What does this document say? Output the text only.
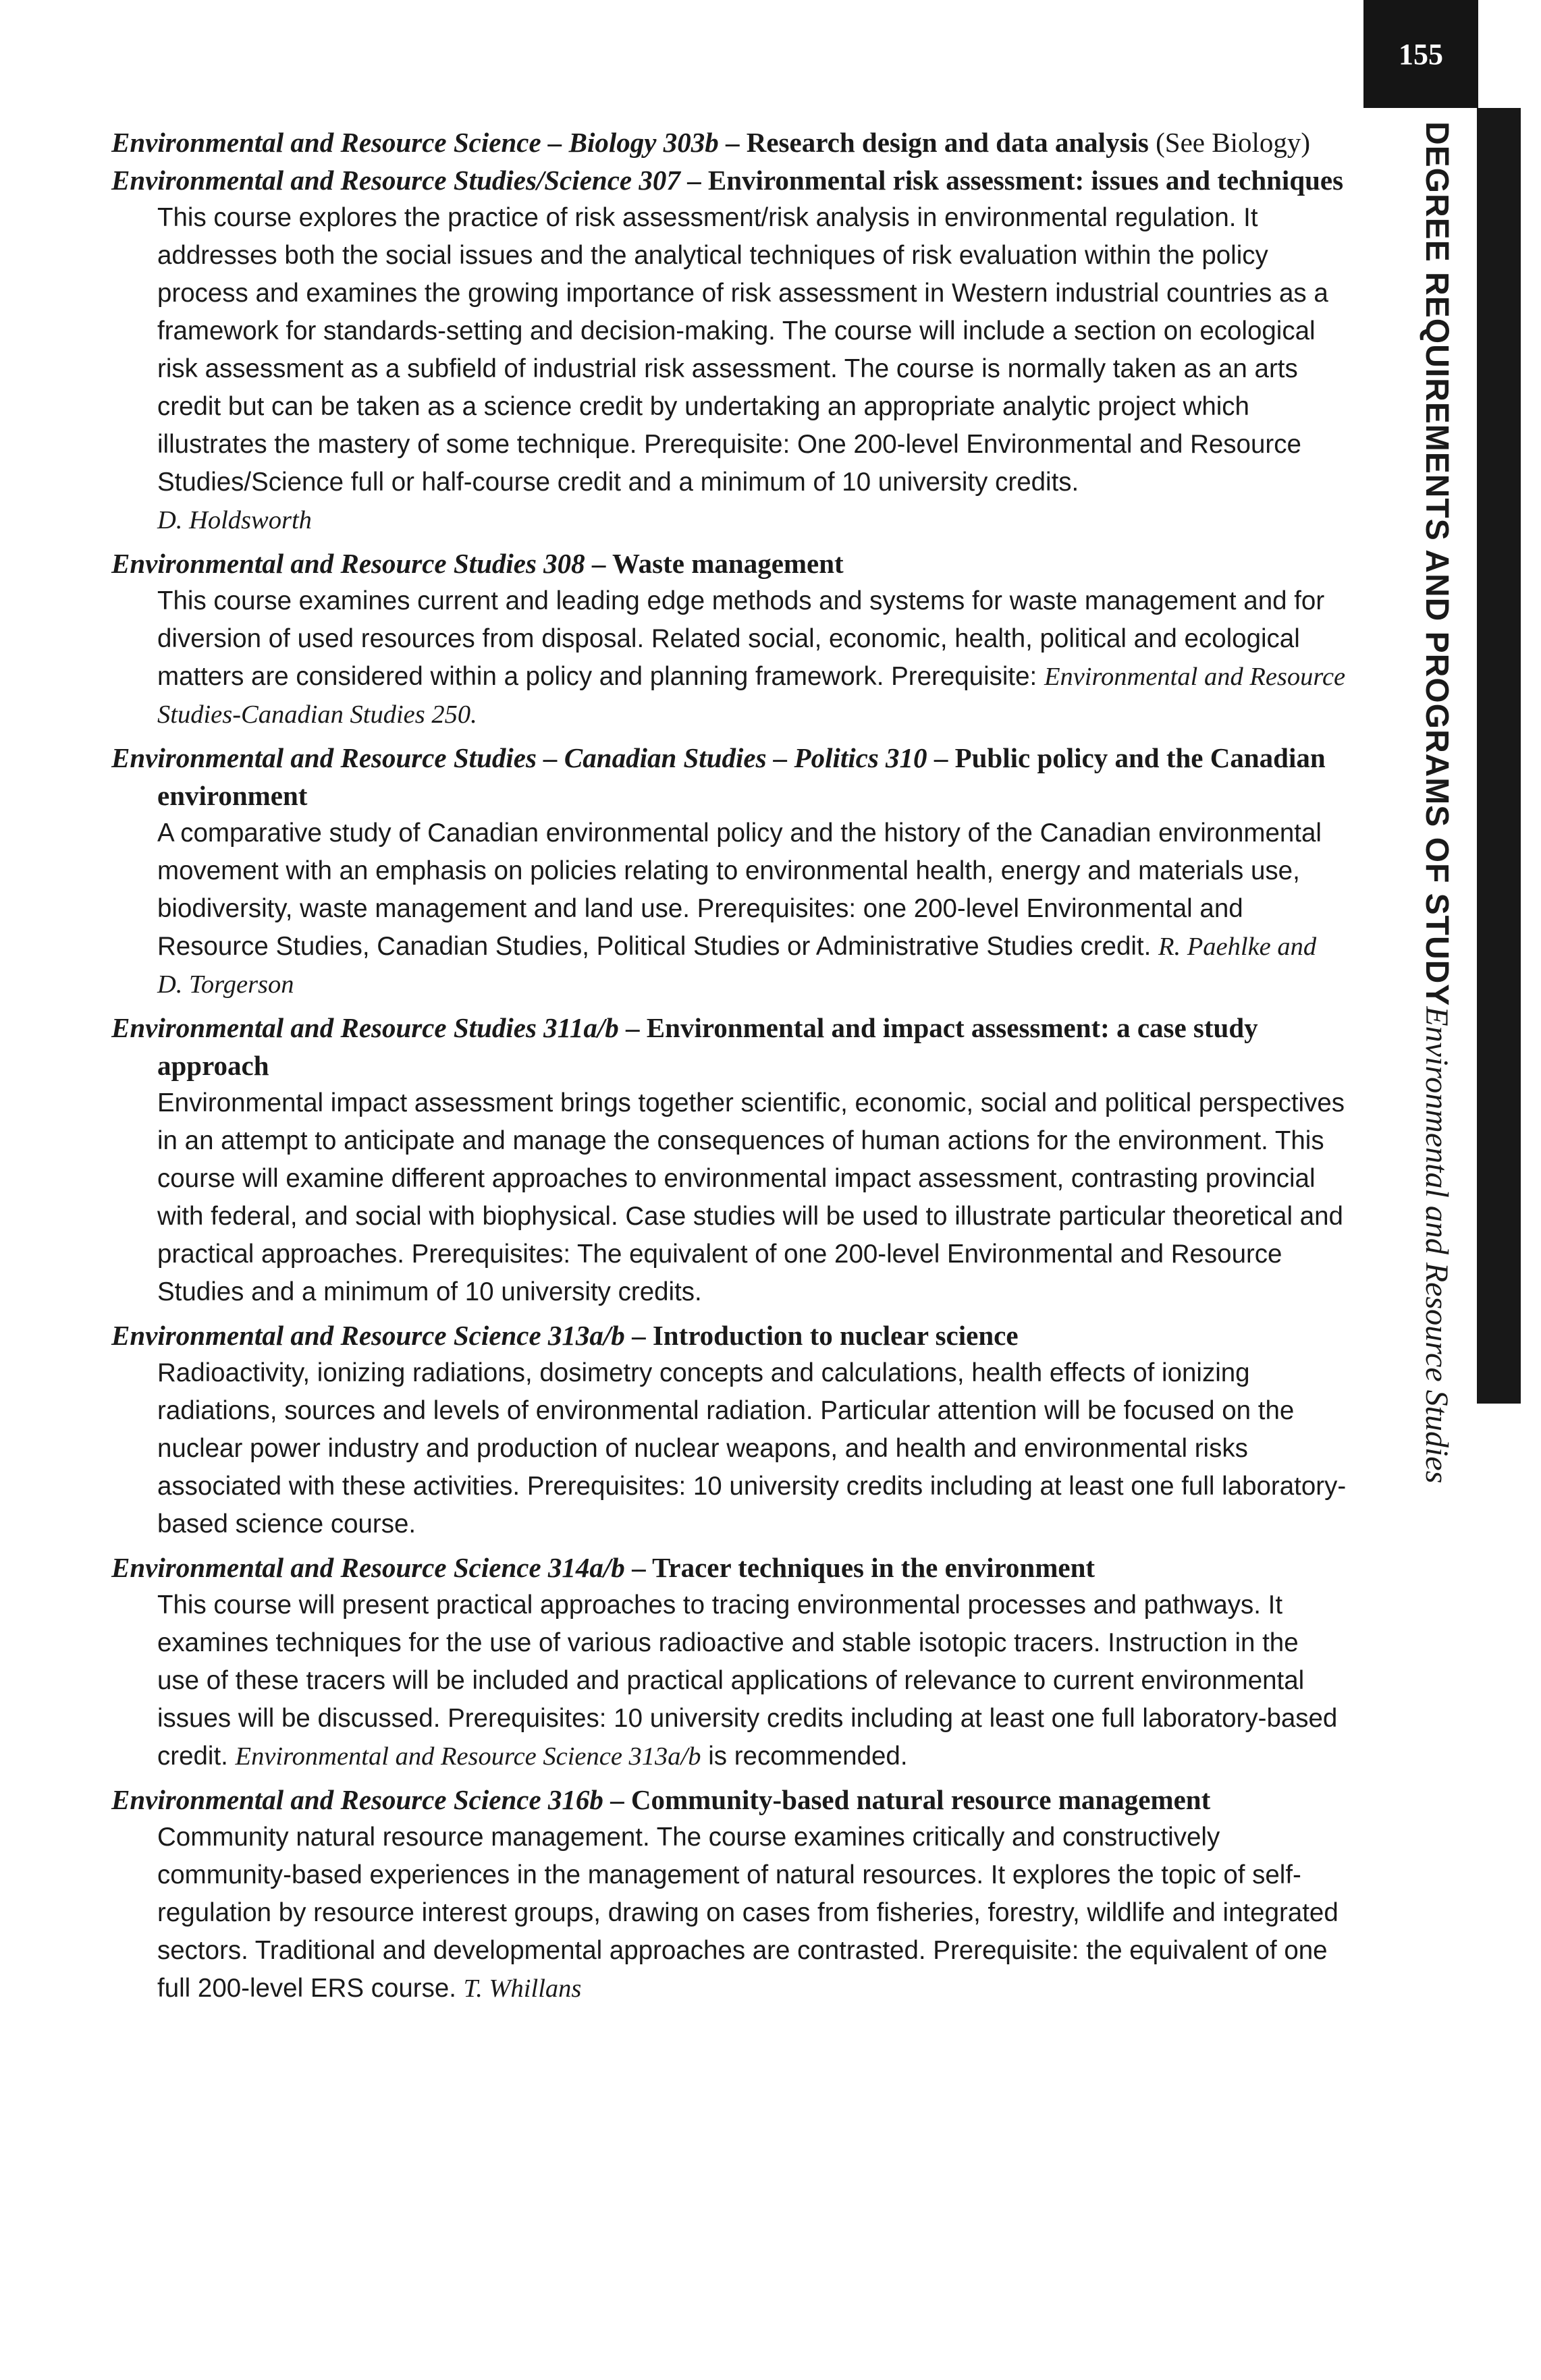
155
DEGREE REQUIREMENTS AND PROGRAMS OF STUDYEnvironmental and Resource Studies

Environmental and Resource Science – Biology 303b – Research design and data analysis (See Biology)

Environmental and Resource Studies/Science 307 – Environmental risk assessment: issues and techniques

This course explores the practice of risk assessment/risk analysis in environmental regulation. It addresses both the social issues and the analytical techniques of risk evaluation within the policy process and examines the growing importance of risk assessment in Western industrial countries as a framework for standards-setting and decision-making. The course will include a section on ecological risk assessment as a subfield of industrial risk assessment. The course is normally taken as an arts credit but can be taken as a science credit by undertaking an appropriate analytic project which illustrates the mastery of some technique. Prerequisite: One 200-level Environmental and Resource Studies/Science full or half-course credit and a minimum of 10 university credits.
D. Holdsworth

Environmental and Resource Studies 308 – Waste management

This course examines current and leading edge methods and systems for waste management and for diversion of used resources from disposal. Related social, economic, health, political and ecological matters are considered within a policy and planning framework. Prerequisite: Environmental and Resource Studies-Canadian Studies 250.

Environmental and Resource Studies – Canadian Studies – Politics 310 – Public policy and the Canadian environment

A comparative study of Canadian environmental policy and the history of the Canadian environmental movement with an emphasis on policies relating to environmental health, energy and materials use, biodiversity, waste management and land use. Prerequisites: one 200-level Environmental and Resource Studies, Canadian Studies, Political Studies or Administrative Studies credit. R. Paehlke and D. Torgerson

Environmental and Resource Studies 311a/b – Environmental and impact assessment: a case study approach

Environmental impact assessment brings together scientific, economic, social and political perspectives in an attempt to anticipate and manage the consequences of human actions for the environment. This course will examine different approaches to environmental impact assessment, contrasting provincial with federal, and social with biophysical. Case studies will be used to illustrate particular theoretical and practical approaches. Prerequisites: The equivalent of one 200-level Environmental and Resource Studies and a minimum of 10 university credits.

Environmental and Resource Science 313a/b – Introduction to nuclear science

Radioactivity, ionizing radiations, dosimetry concepts and calculations, health effects of ionizing radiations, sources and levels of environmental radiation. Particular attention will be focused on the nuclear power industry and production of nuclear weapons, and health and environmental risks associated with these activities. Prerequisites: 10 university credits including at least one full laboratory-based science course.

Environmental and Resource Science 314a/b – Tracer techniques in the environment

This course will present practical approaches to tracing environmental processes and pathways. It examines techniques for the use of various radioactive and stable isotopic tracers. Instruction in the use of these tracers will be included and practical applications of relevance to current environmental issues will be discussed. Prerequisites: 10 university credits including at least one full laboratory-based credit. Environmental and Resource Science 313a/b is recommended.

Environmental and Resource Science 316b – Community-based natural resource management

Community natural resource management. The course examines critically and constructively community-based experiences in the management of natural resources. It explores the topic of self-regulation by resource interest groups, drawing on cases from fisheries, forestry, wildlife and integrated sectors. Traditional and developmental approaches are contrasted. Prerequisite: the equivalent of one full 200-level ERS course. T. Whillans
